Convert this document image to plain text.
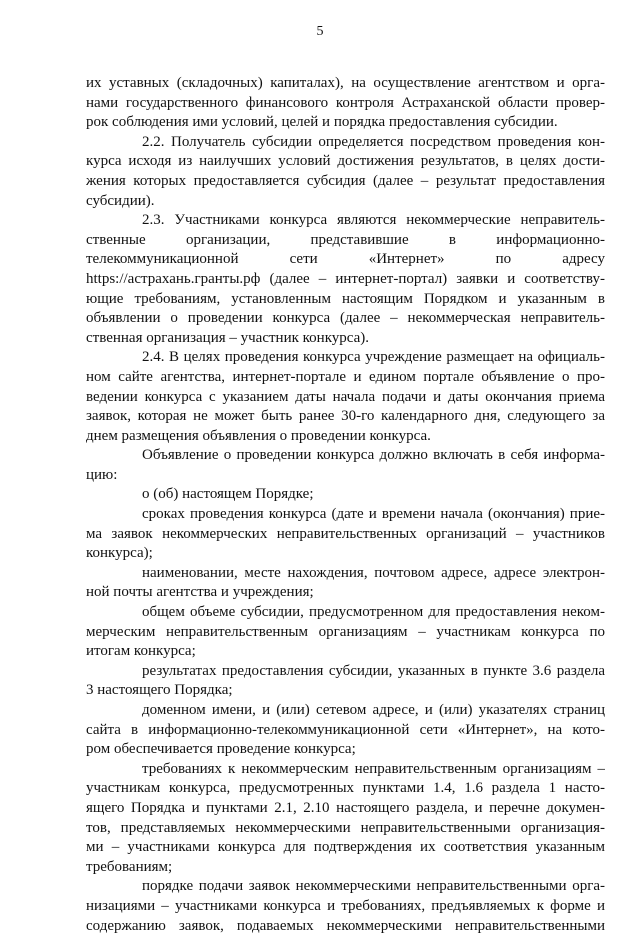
5
их уставных (складочных) капиталах), на осуществление агентством и орга-
нами государственного финансового контроля Астраханской области провер-
рок соблюдения ими условий, целей и порядка предоставления субсидии.
2.2. Получатель субсидии определяется посредством проведения кон-
курса исходя из наилучших условий достижения результатов, в целях дости-
жения которых предоставляется субсидия (далее – результат предоставления
субсидии).
2.3. Участниками конкурса являются некоммерческие неправитель-
ственные организации, представившие в информационно-
телекоммуникационной сети «Интернет» по адресу
https://астрахань.гранты.рф (далее – интернет-портал) заявки и соответству-
ющие требованиям, установленным настоящим Порядком и указанным в
объявлении о проведении конкурса (далее – некоммерческая неправитель-
ственная организация – участник конкурса).
2.4. В целях проведения конкурса учреждение размещает на официаль-
ном сайте агентства, интернет-портале и едином портале объявление о про-
ведении конкурса с указанием даты начала подачи и даты окончания приема
заявок, которая не может быть ранее 30-го календарного дня, следующего за
днем размещения объявления о проведении конкурса.
Объявление о проведении конкурса должно включать в себя информа-
цию:
о (об) настоящем Порядке;
сроках проведения конкурса (дате и времени начала (окончания) прие-
ма заявок некоммерческих неправительственных организаций – участников
конкурса);
наименовании, месте нахождения, почтовом адресе, адресе электрон-
ной почты агентства и учреждения;
общем объеме субсидии, предусмотренном для предоставления неком-
мерческим неправительственным организациям – участникам конкурса по
итогам конкурса;
результатах предоставления субсидии, указанных в пункте 3.6 раздела
3 настоящего Порядка;
доменном имени, и (или) сетевом адресе, и (или) указателях страниц
сайта в информационно-телекоммуникационной сети «Интернет», на кото-
ром обеспечивается проведение конкурса;
требованиях к некоммерческим неправительственным организациям –
участникам конкурса, предусмотренных пунктами 1.4, 1.6 раздела 1 насто-
ящего Порядка и пунктами 2.1, 2.10 настоящего раздела, и перечне докумен-
тов, представляемых некоммерческими неправительственными организация-
ми – участниками конкурса для подтверждения их соответствия указанным
требованиям;
порядке подачи заявок некоммерческими неправительственными орга-
низациями – участниками конкурса и требованиях, предъявляемых к форме и
содержанию заявок, подаваемых некоммерческими неправительственными
